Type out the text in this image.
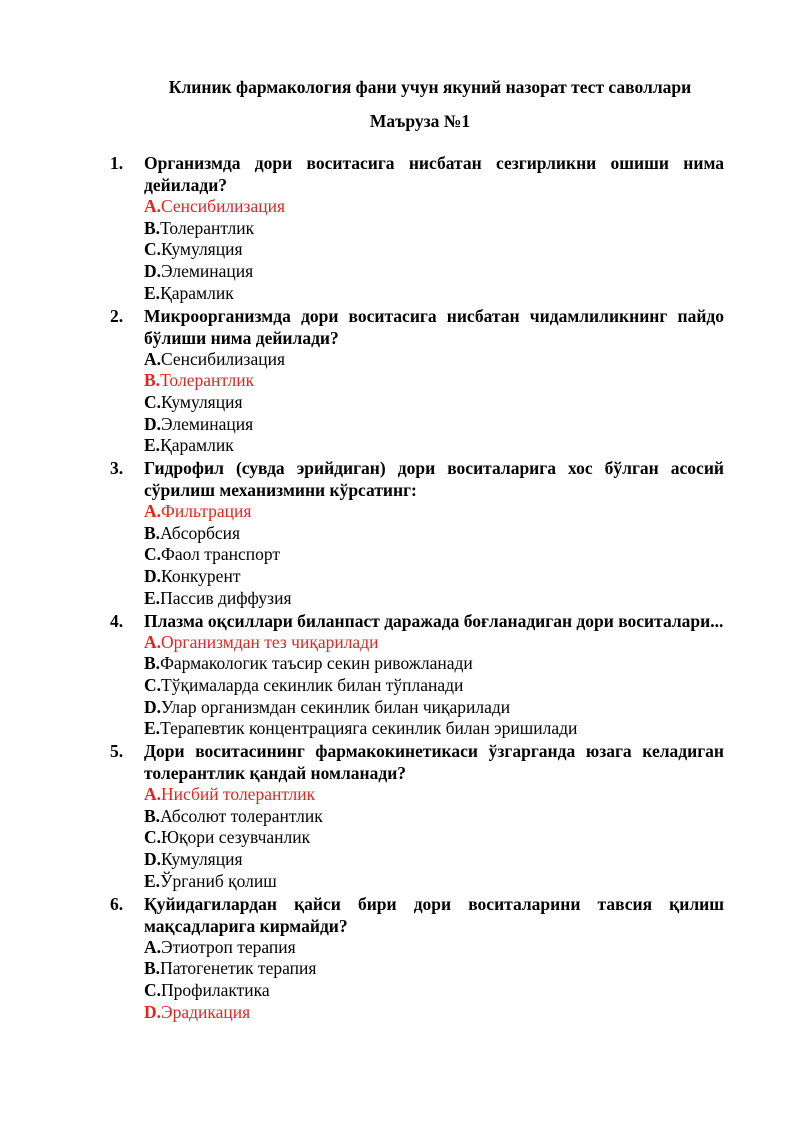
Клиник фармакология фани учун якуний назорат тест саволлари
Маъруза №1
1.	Организмда дори воситасига нисбатан сезгирликни ошиши нима дейилади?
A.Сенсибилизация
B.Толерантлик
C.Кумуляция
D.Элеминация
E.Қарамлик
2.	Микроорганизмда дори воситасига нисбатан чидамлиликнинг пайдо бўлиши нима дейилади?
A.Сенсибилизация
B.Толерантлик
C.Кумуляция
D.Элеминация
E.Қарамлик
3.	Гидрофил (сувда эрийдиган) дори воситаларига хос бўлган асосий сўрилиш механизмини кўрсатинг:
A.Фильтрация
B.Абсорбсия
C.Фаол транспорт
D.Конкурент
E.Пассив диффузия
4.	Плазма оқсиллари биланпаст даражада боғланадиган дори воситалари...
A.Организмдан тез чиқарилади
B.Фармакологик таъсир секин ривожланади
C.Тўқималарда секинлик билан тўпланади
D.Улар организмдан секинлик билан чиқарилади
E.Терапевтик концентрацияга секинлик билан эришилади
5.	Дори воситасининг фармакокинетикаси ўзгарганда юзага келадиган толерантлик қандай номланади?
A.Нисбий толерантлик
B.Абсолют толерантлик
C.Юқори сезувчанлик
D.Кумуляция
E.Ўрганиб қолиш
6.	Қуйидагилардан қайси бири дори воситаларини тавсия қилиш мақсадларига кирмайди?
A.Этиотроп терапия
B.Патогенетик терапия
C.Профилактика
D.Эрадикация
